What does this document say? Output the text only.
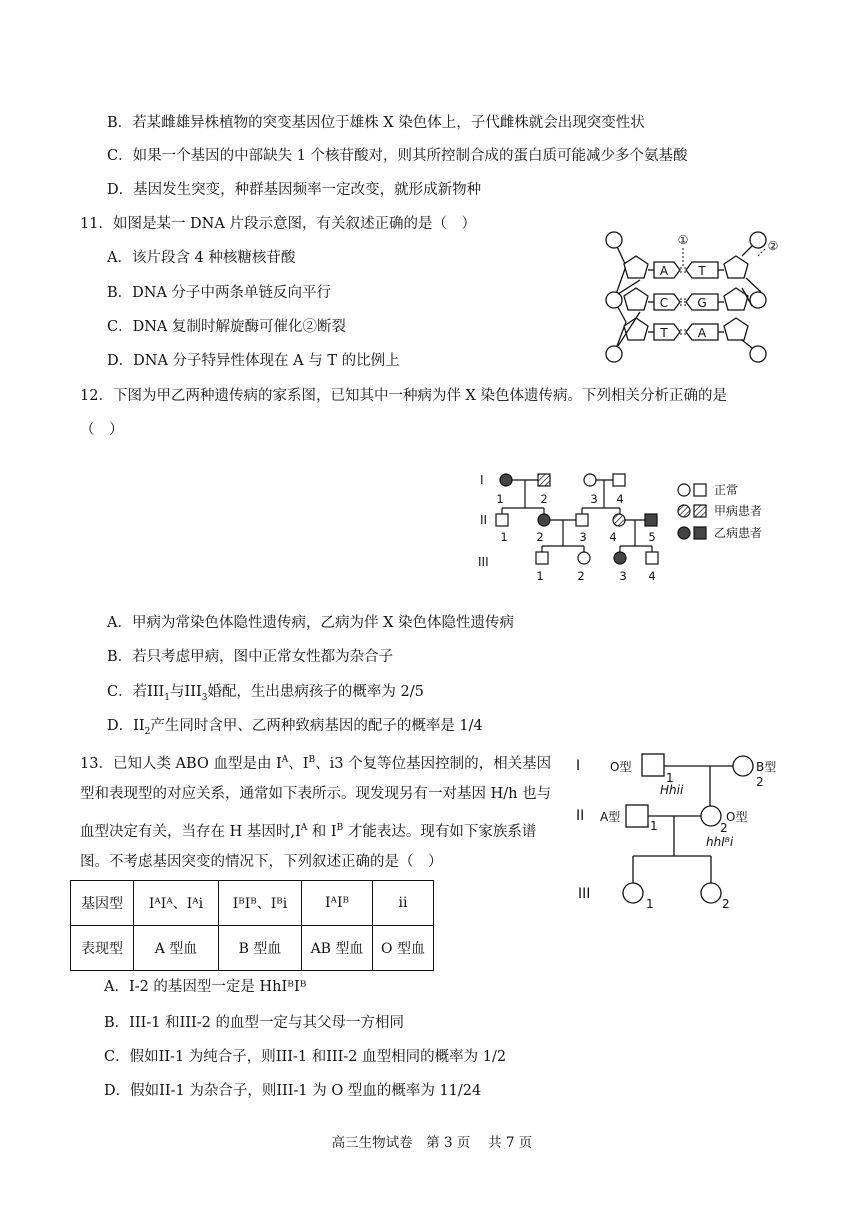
B．若某雌雄异株植物的突变基因位于雄株 X 染色体上，子代雌株就会出现突变性状
C．如果一个基因的中部缺失 1 个核苷酸对，则其所控制合成的蛋白质可能减少多个氨基酸
D．基因发生突变，种群基因频率一定改变，就形成新物种
11．如图是某一 DNA 片段示意图，有关叙述正确的是（　）
A．该片段含 4 种核糖核苷酸
B．DNA 分子中两条单链反向平行
C．DNA 复制时解旋酶可催化②断裂
D．DNA 分子特异性体现在 A 与 T 的比例上
A	T
C G
T	A
①	②
12．下图为甲乙两种遗传病的家系图，已知其中一种病为伴 X 染色体遗传病。下列相关分析正确的是
（　）
I
II
III
1	2	3 4
1 2	3 4	5
1	2	3 4
正常
甲病患者
乙病患者
A．甲病为常染色体隐性遗传病，乙病为伴 X 染色体隐性遗传病
B．若只考虑甲病，图中正常女性都为杂合子
C．若$III_1$与$III_3$婚配，生出患病孩子的概率为 2/5
D．$II_2$产生同时含甲、乙两种致病基因的配子的概率是 1/4
13．已知人类 ABO 血型是由 $I^A$、$I^B$、i3 个复等位基因控制的，相关基因
型和表现型的对应关系，通常如下表所示。现发现另有一对基因 H/h 也与
血型决定有关，当存在 H 基因时$,I^A$ 和 $I^B$ 才能表达。现有如下家族系谱
图。不考虑基因突变的情况下，下列叙述正确的是（　）
基因型	IᴬIᴬ、Iᴬi	IᴮIᴮ、Iᴮi	IᴬIᴮ	ii
表现型	A 型血	B 型血	AB 型血	O 型血
I
II
III
O型	B型
A型	O型
1	2
1	2
1	2
Hhii
hhIᴮi
A．I-2 的基因型一定是 HhIᴮIᴮ
B．III-1 和III-2 的血型一定与其父母一方相同
C．假如II-1 为纯合子，则III-1 和III-2 血型相同的概率为 1/2
D．假如II-1 为杂合子，则III-1 为 O 型血的概率为 11/24
高三生物试卷　第 3 页　 共 7 页
